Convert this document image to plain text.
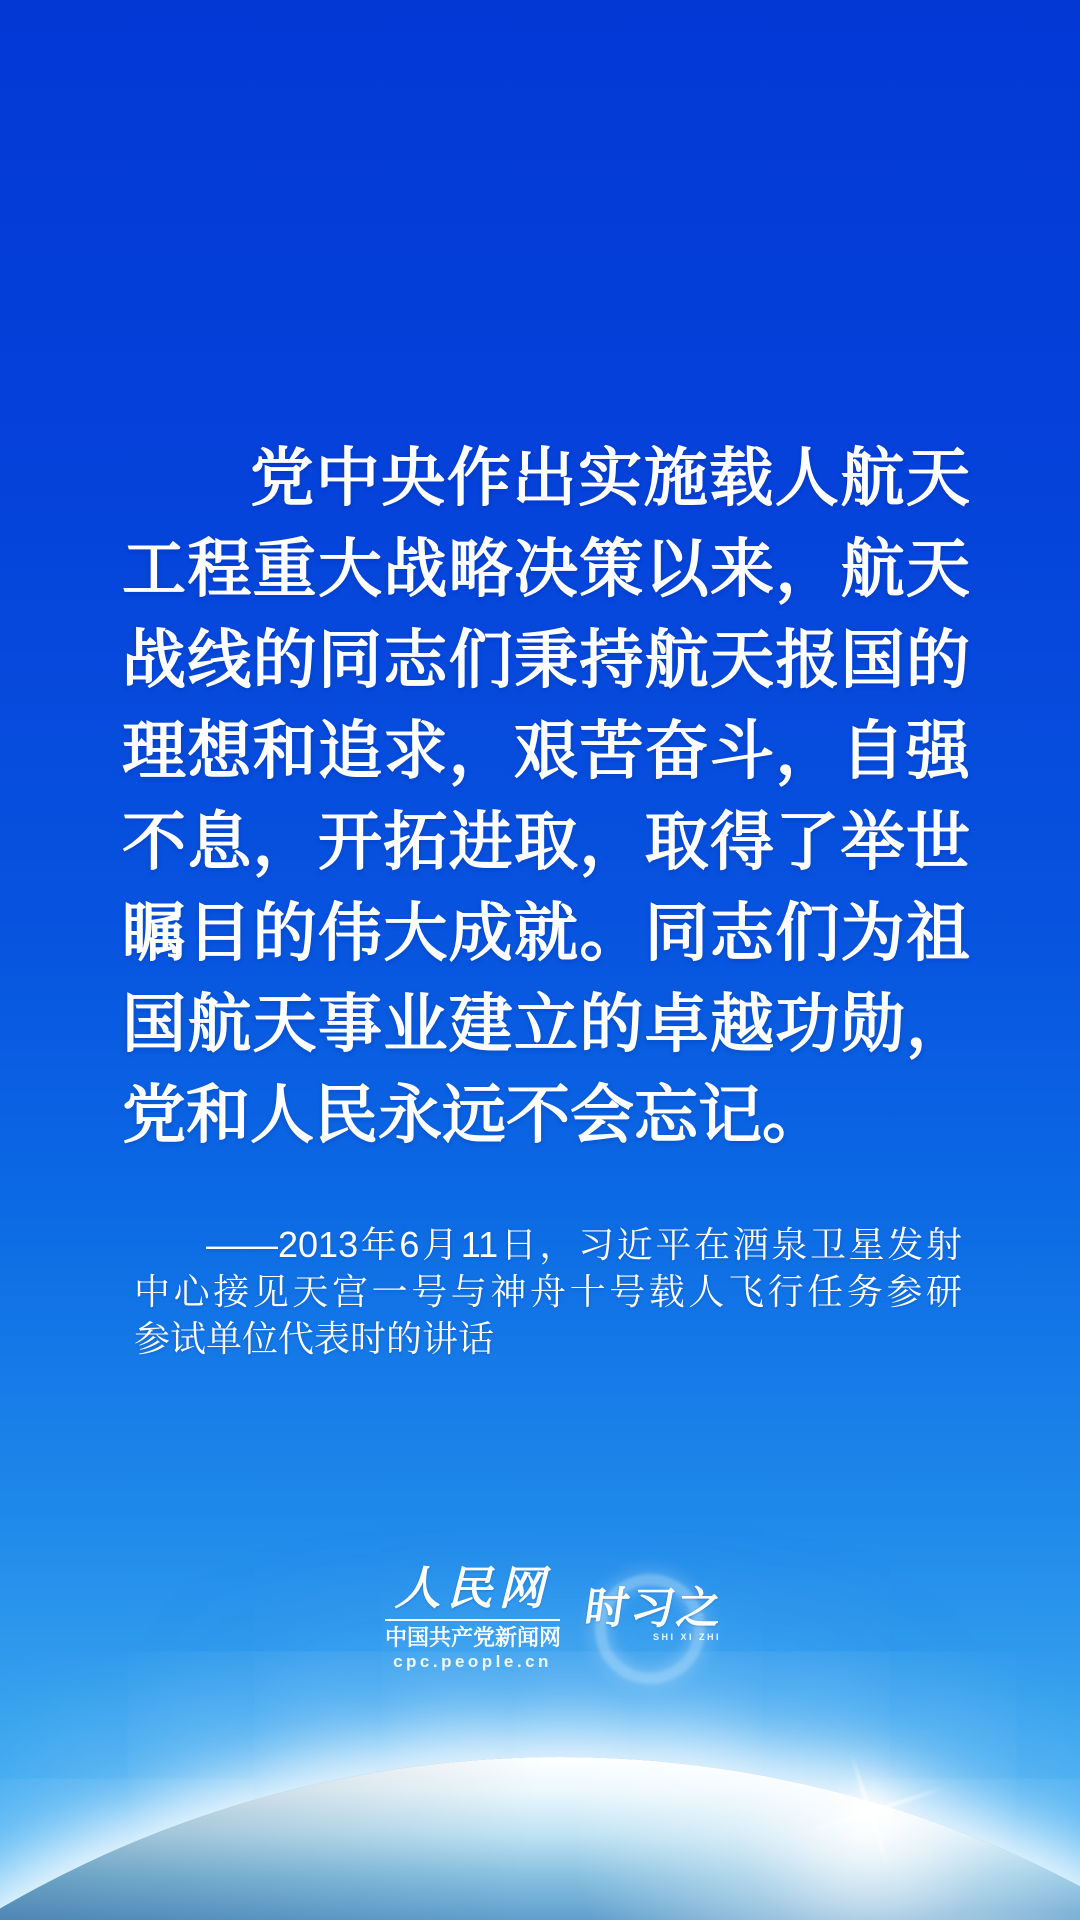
党中央作出实施载人航天
工程重大战略决策以来，航天
战线的同志们秉持航天报国的
理想和追求，艰苦奋斗，自强
不息，开拓进取，取得了举世
瞩目的伟大成就。同志们为祖
国航天事业建立的卓越功勋，
党和人民永远不会忘记。
——2013年6月11日，习近平在酒泉卫星发射
中心接见天宫一号与神舟十号载人飞行任务参研
参试单位代表时的讲话
人民网
中国共产党新闻网
cpc.people.cn
时习之
SHI XI ZHI
